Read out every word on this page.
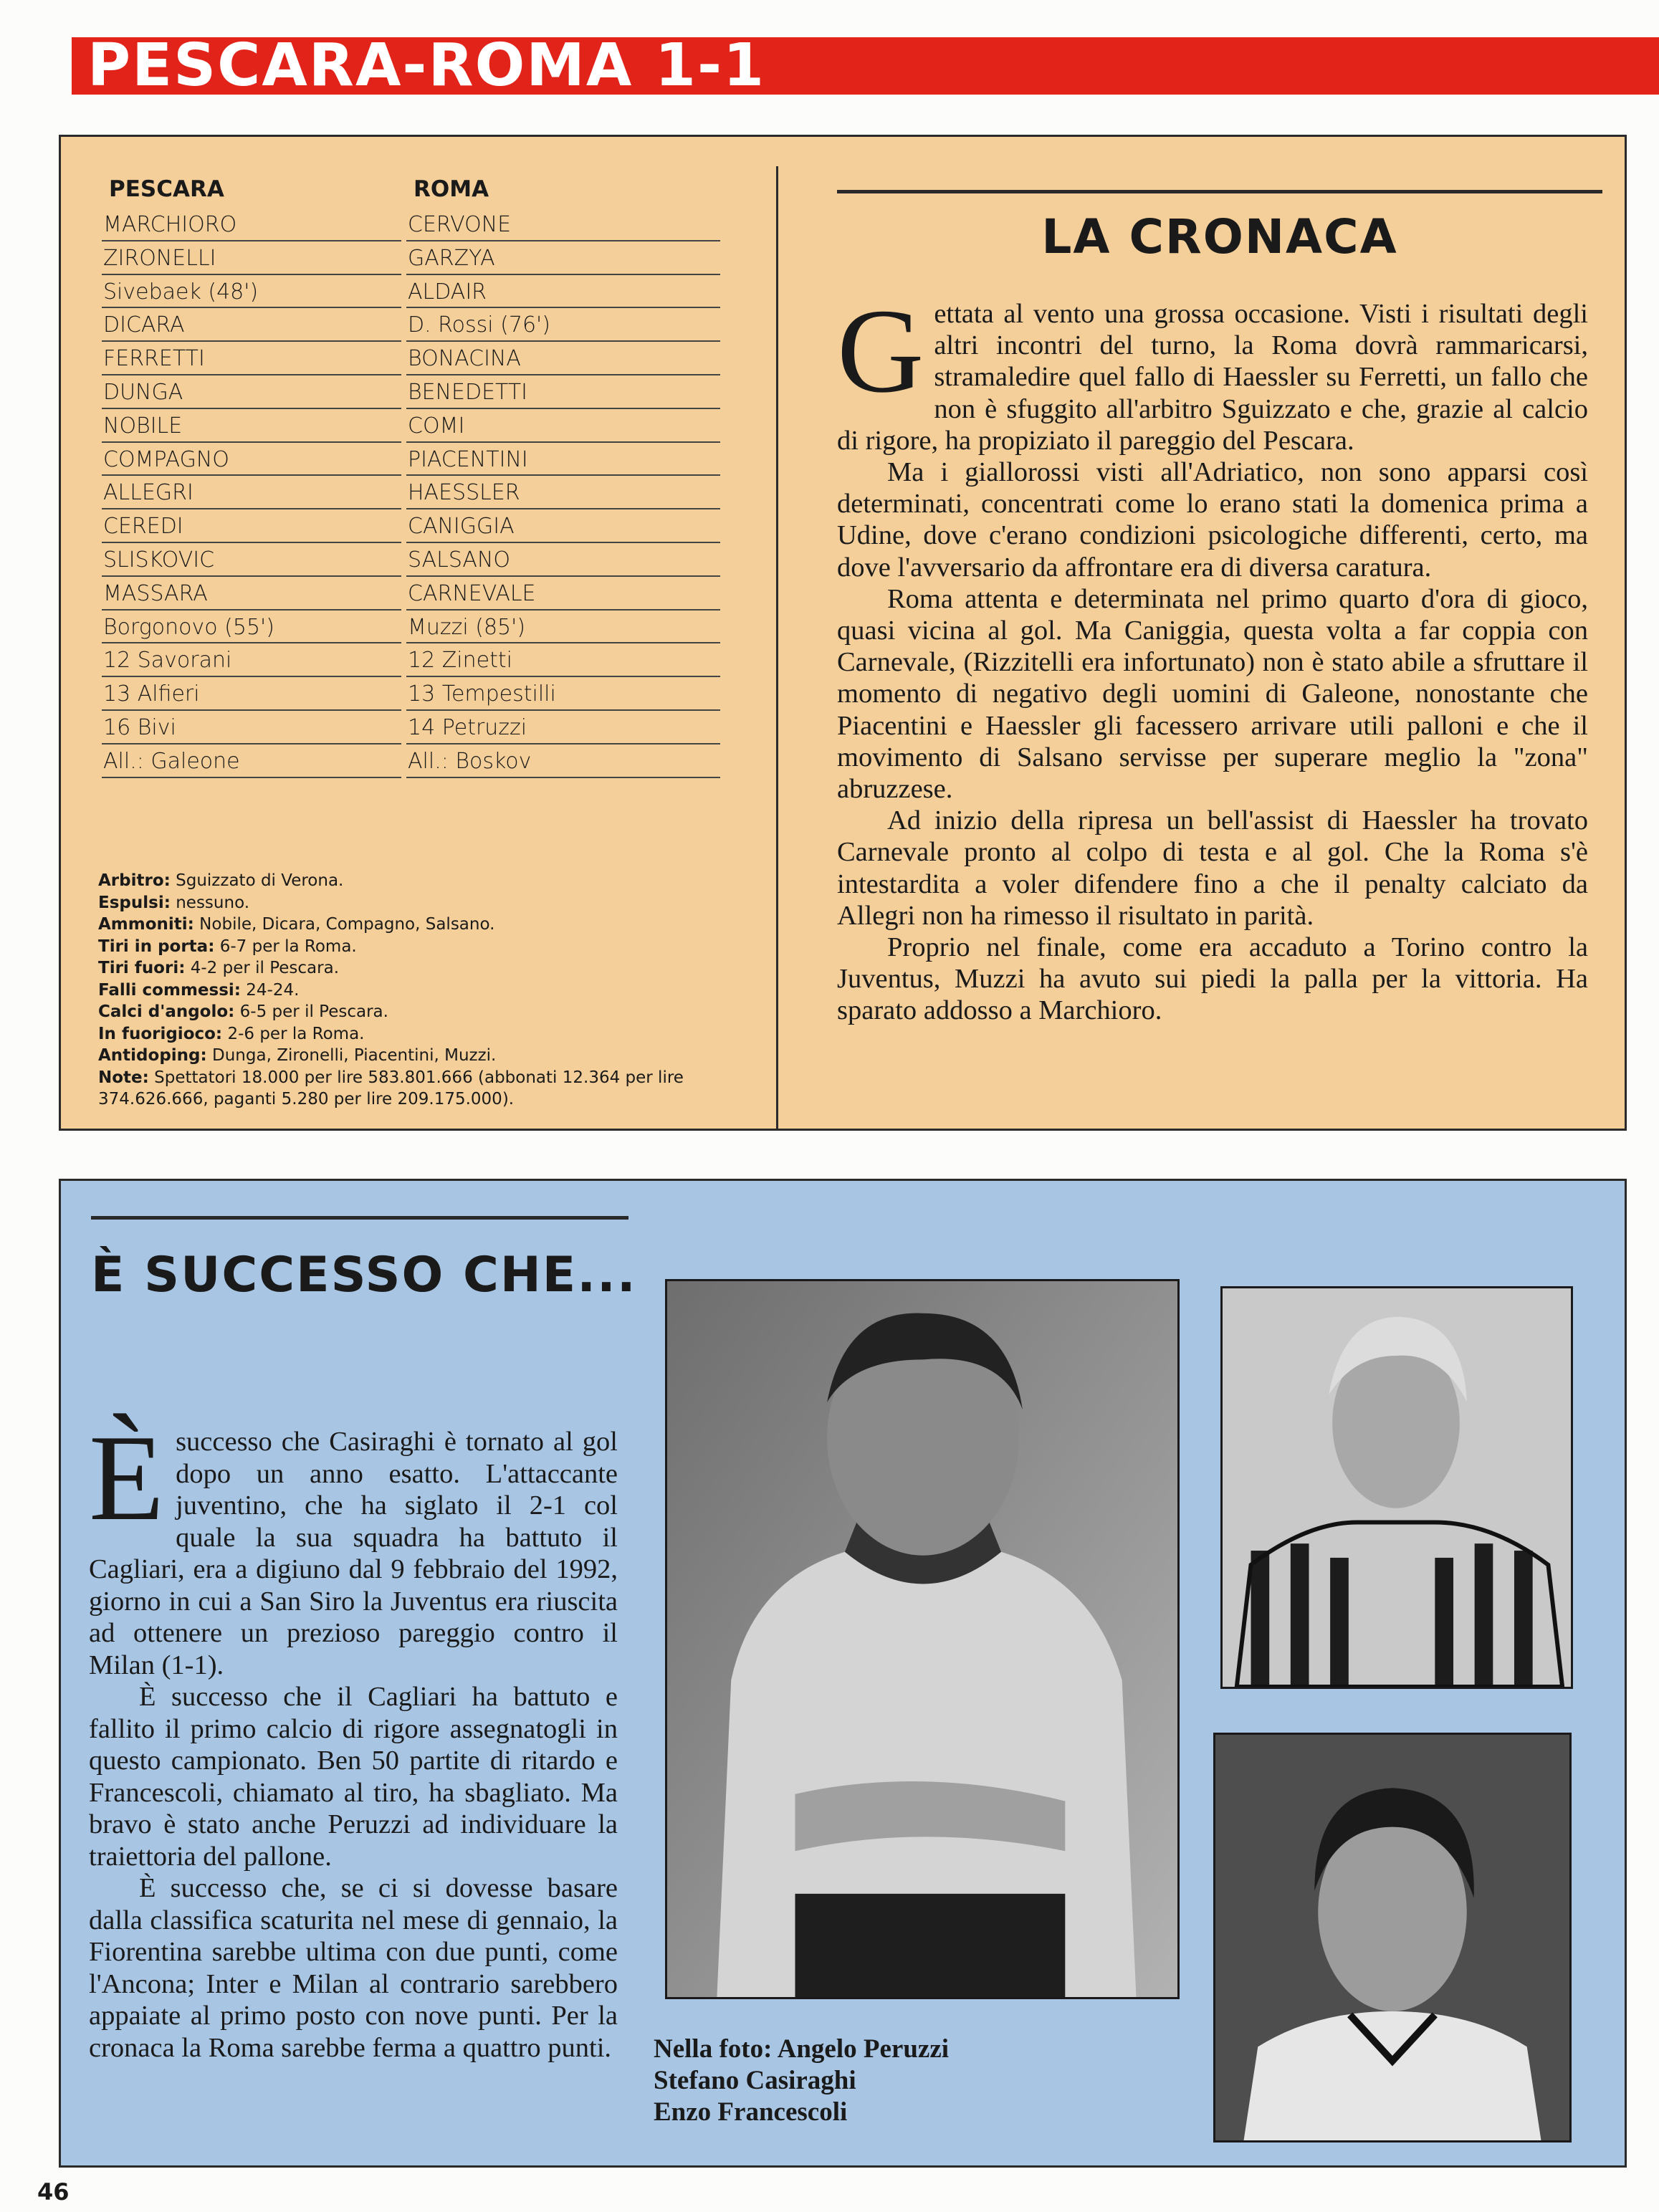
PESCARA-ROMA 1-1
PESCARA	ROMA
MARCHIORO
ZIRONELLI
Sivebaek (48')
DICARA
FERRETTI
DUNGA
NOBILE
COMPAGNO
ALLEGRI
CEREDI
SLISKOVIC
MASSARA
Borgonovo (55')
12 Savorani
13 Alfieri
16 Bivi
All.: Galeone
CERVONE
GARZYA
ALDAIR
D. Rossi (76')
BONACINA
BENEDETTI
COMI
PIACENTINI
HAESSLER
CANIGGIA
SALSANO
CARNEVALE
Muzzi (85')
12 Zinetti
13 Tempestilli
14 Petruzzi
All.: Boskov
Arbitro: Sguizzato di Verona.
Espulsi: nessuno.
Ammoniti: Nobile, Dicara, Compagno, Salsano.
Tiri in porta: 6-7 per la Roma.
Tiri fuori: 4-2 per il Pescara.
Falli commessi: 24-24.
Calci d'angolo: 6-5 per il Pescara.
In fuorigioco: 2-6 per la Roma.
Antidoping: Dunga, Zironelli, Piacentini, Muzzi.
Note: Spettatori 18.000 per lire 583.801.666 (abbonati 12.364 per lire 374.626.666, paganti 5.280 per lire 209.175.000).
LA CRONACA

Gettata al vento una grossa occasione. Visti i risultati degli altri incontri del turno, la Roma dovrà rammaricarsi, stramaledire quel fallo di Haessler su Ferretti, un fallo che non è sfuggito all'arbitro Sguizzato e che, grazie al calcio di rigore, ha propiziato il pareggio del Pescara.

Ma i giallorossi visti all'Adriatico, non sono apparsi così determinati, concentrati come lo erano stati la domenica prima a Udine, dove c'erano condizioni psicologiche differenti, certo, ma dove l'avversario da affrontare era di diversa caratura.

Roma attenta e determinata nel primo quarto d'ora di gioco, quasi vicina al gol. Ma Caniggia, questa volta a far coppia con Carnevale, (Rizzitelli era infortunato) non è stato abile a sfruttare il momento di negativo degli uomini di Galeone, nonostante che Piacentini e Haessler gli facessero arrivare utili palloni e che il movimento di Salsano servisse per superare meglio la "zona" abruzzese.

Ad inizio della ripresa un bell'assist di Haessler ha trovato Carnevale pronto al colpo di testa e al gol. Che la Roma s'è intestardita a voler difendere fino a che il penalty calciato da Allegri non ha rimesso il risultato in parità.

Proprio nel finale, come era accaduto a Torino contro la Juventus, Muzzi ha avuto sui piedi la palla per la vittoria. Ha sparato addosso a Marchioro.

È SUCCESSO CHE...

Èsuccesso che Casiraghi è tornato al gol dopo un anno esatto. L'attaccante juventino, che ha siglato il 2-1 col quale la sua squadra ha battuto il Cagliari, era a digiuno dal 9 febbraio del 1992, giorno in cui a San Siro la Juventus era riuscita ad ottenere un prezioso pareggio contro il Milan (1-1).

È successo che il Cagliari ha battuto e fallito il primo calcio di rigore assegnatogli in questo campionato. Ben 50 partite di ritardo e Francescoli, chiamato al tiro, ha sbagliato. Ma bravo è stato anche Peruzzi ad individuare la traiettoria del pallone.

È successo che, se ci si dovesse basare dalla classifica scaturita nel mese di gennaio, la Fiorentina sarebbe ultima con due punti, come l'Ancona; Inter e Milan al contrario sarebbero appaiate al primo posto con nove punti. Per la cronaca la Roma sarebbe ferma a quattro punti. Nella foto: Angelo Peruzzi
Stefano Casiraghi
Enzo Francescoli
46
